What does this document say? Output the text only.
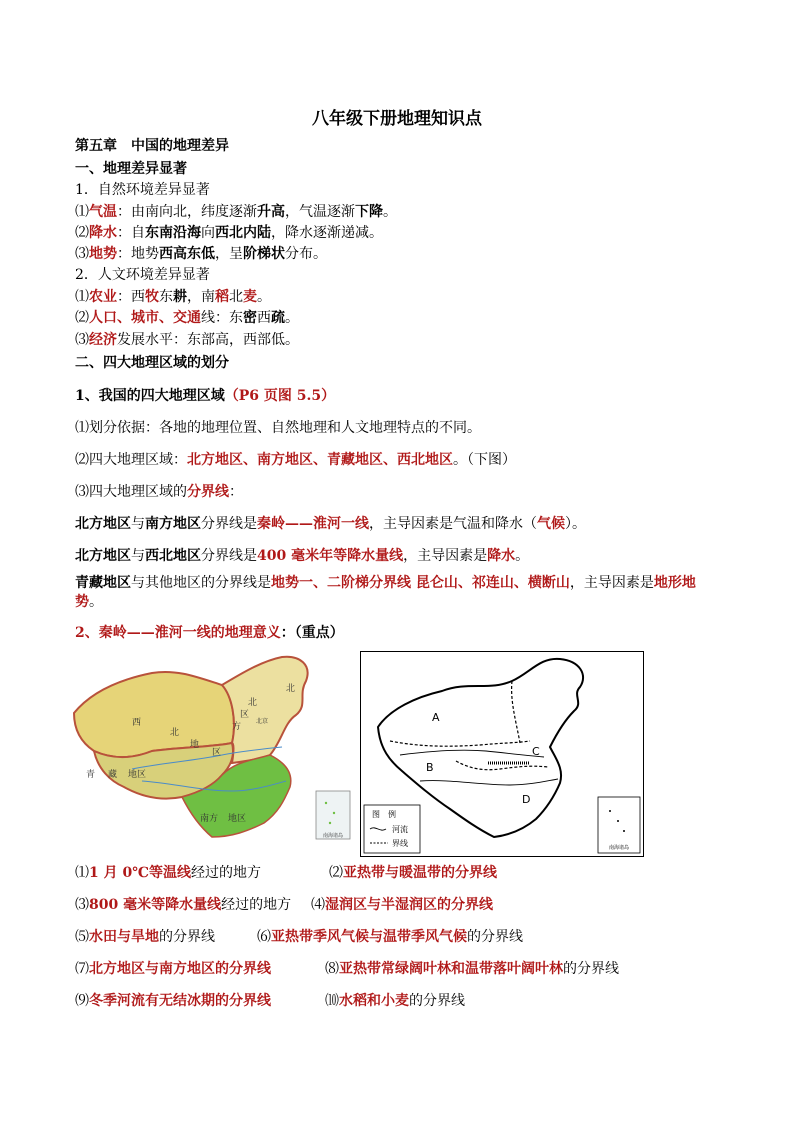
八年级下册地理知识点
第五章　中国的地理差异
一、地理差异显著
1．自然环境差异显著
⑴气温：由南向北，纬度逐渐升高，气温逐渐下降。
⑵降水：自东南沿海向西北内陆，降水逐渐递减。
⑶地势：地势西高东低，呈阶梯状分布。
2．人文环境差异显著
⑴农业：西牧东耕，南稻北麦。
⑵人口、城市、交通线：东密西疏。
⑶经济发展水平：东部高，西部低。
二、四大地理区域的划分
1、我国的四大地理区域（P6 页图 5.5）
⑴划分依据：各地的地理位置、自然地理和人文地理特点的不同。
⑵四大地理区域：北方地区、南方地区、青藏地区、西北地区。（下图）
⑶四大地理区域的分界线：
北方地区与南方地区分界线是秦岭——淮河一线，主导因素是气温和降水（气候）。
北方地区与西北地区分界线是400 毫米年等降水量线，主导因素是降水。
青藏地区与其他地区的分界线是地势一、二阶梯分界线 昆仑山、祁连山、横断山，主导因素是地形地势。
2、秦岭——淮河一线的地理意义：（重点）
南海诸岛
西
北
地
区
北
区
北京
方
北
青 藏 地区
南方 地区
A
B
C
D
图　例
河流
界线	南海诸岛
⑴1 月 0℃等温线经过的地方	⑵亚热带与暖温带的分界线
⑶800 毫米等降水量线经过的地方 ⑷湿润区与半湿润区的分界线
⑸水田与旱地的分界线	⑹亚热带季风气候与温带季风气候的分界线
⑺北方地区与南方地区的分界线	⑻亚热带常绿阔叶林和温带落叶阔叶林的分界线
⑼冬季河流有无结冰期的分界线	⑽水稻和小麦的分界线
